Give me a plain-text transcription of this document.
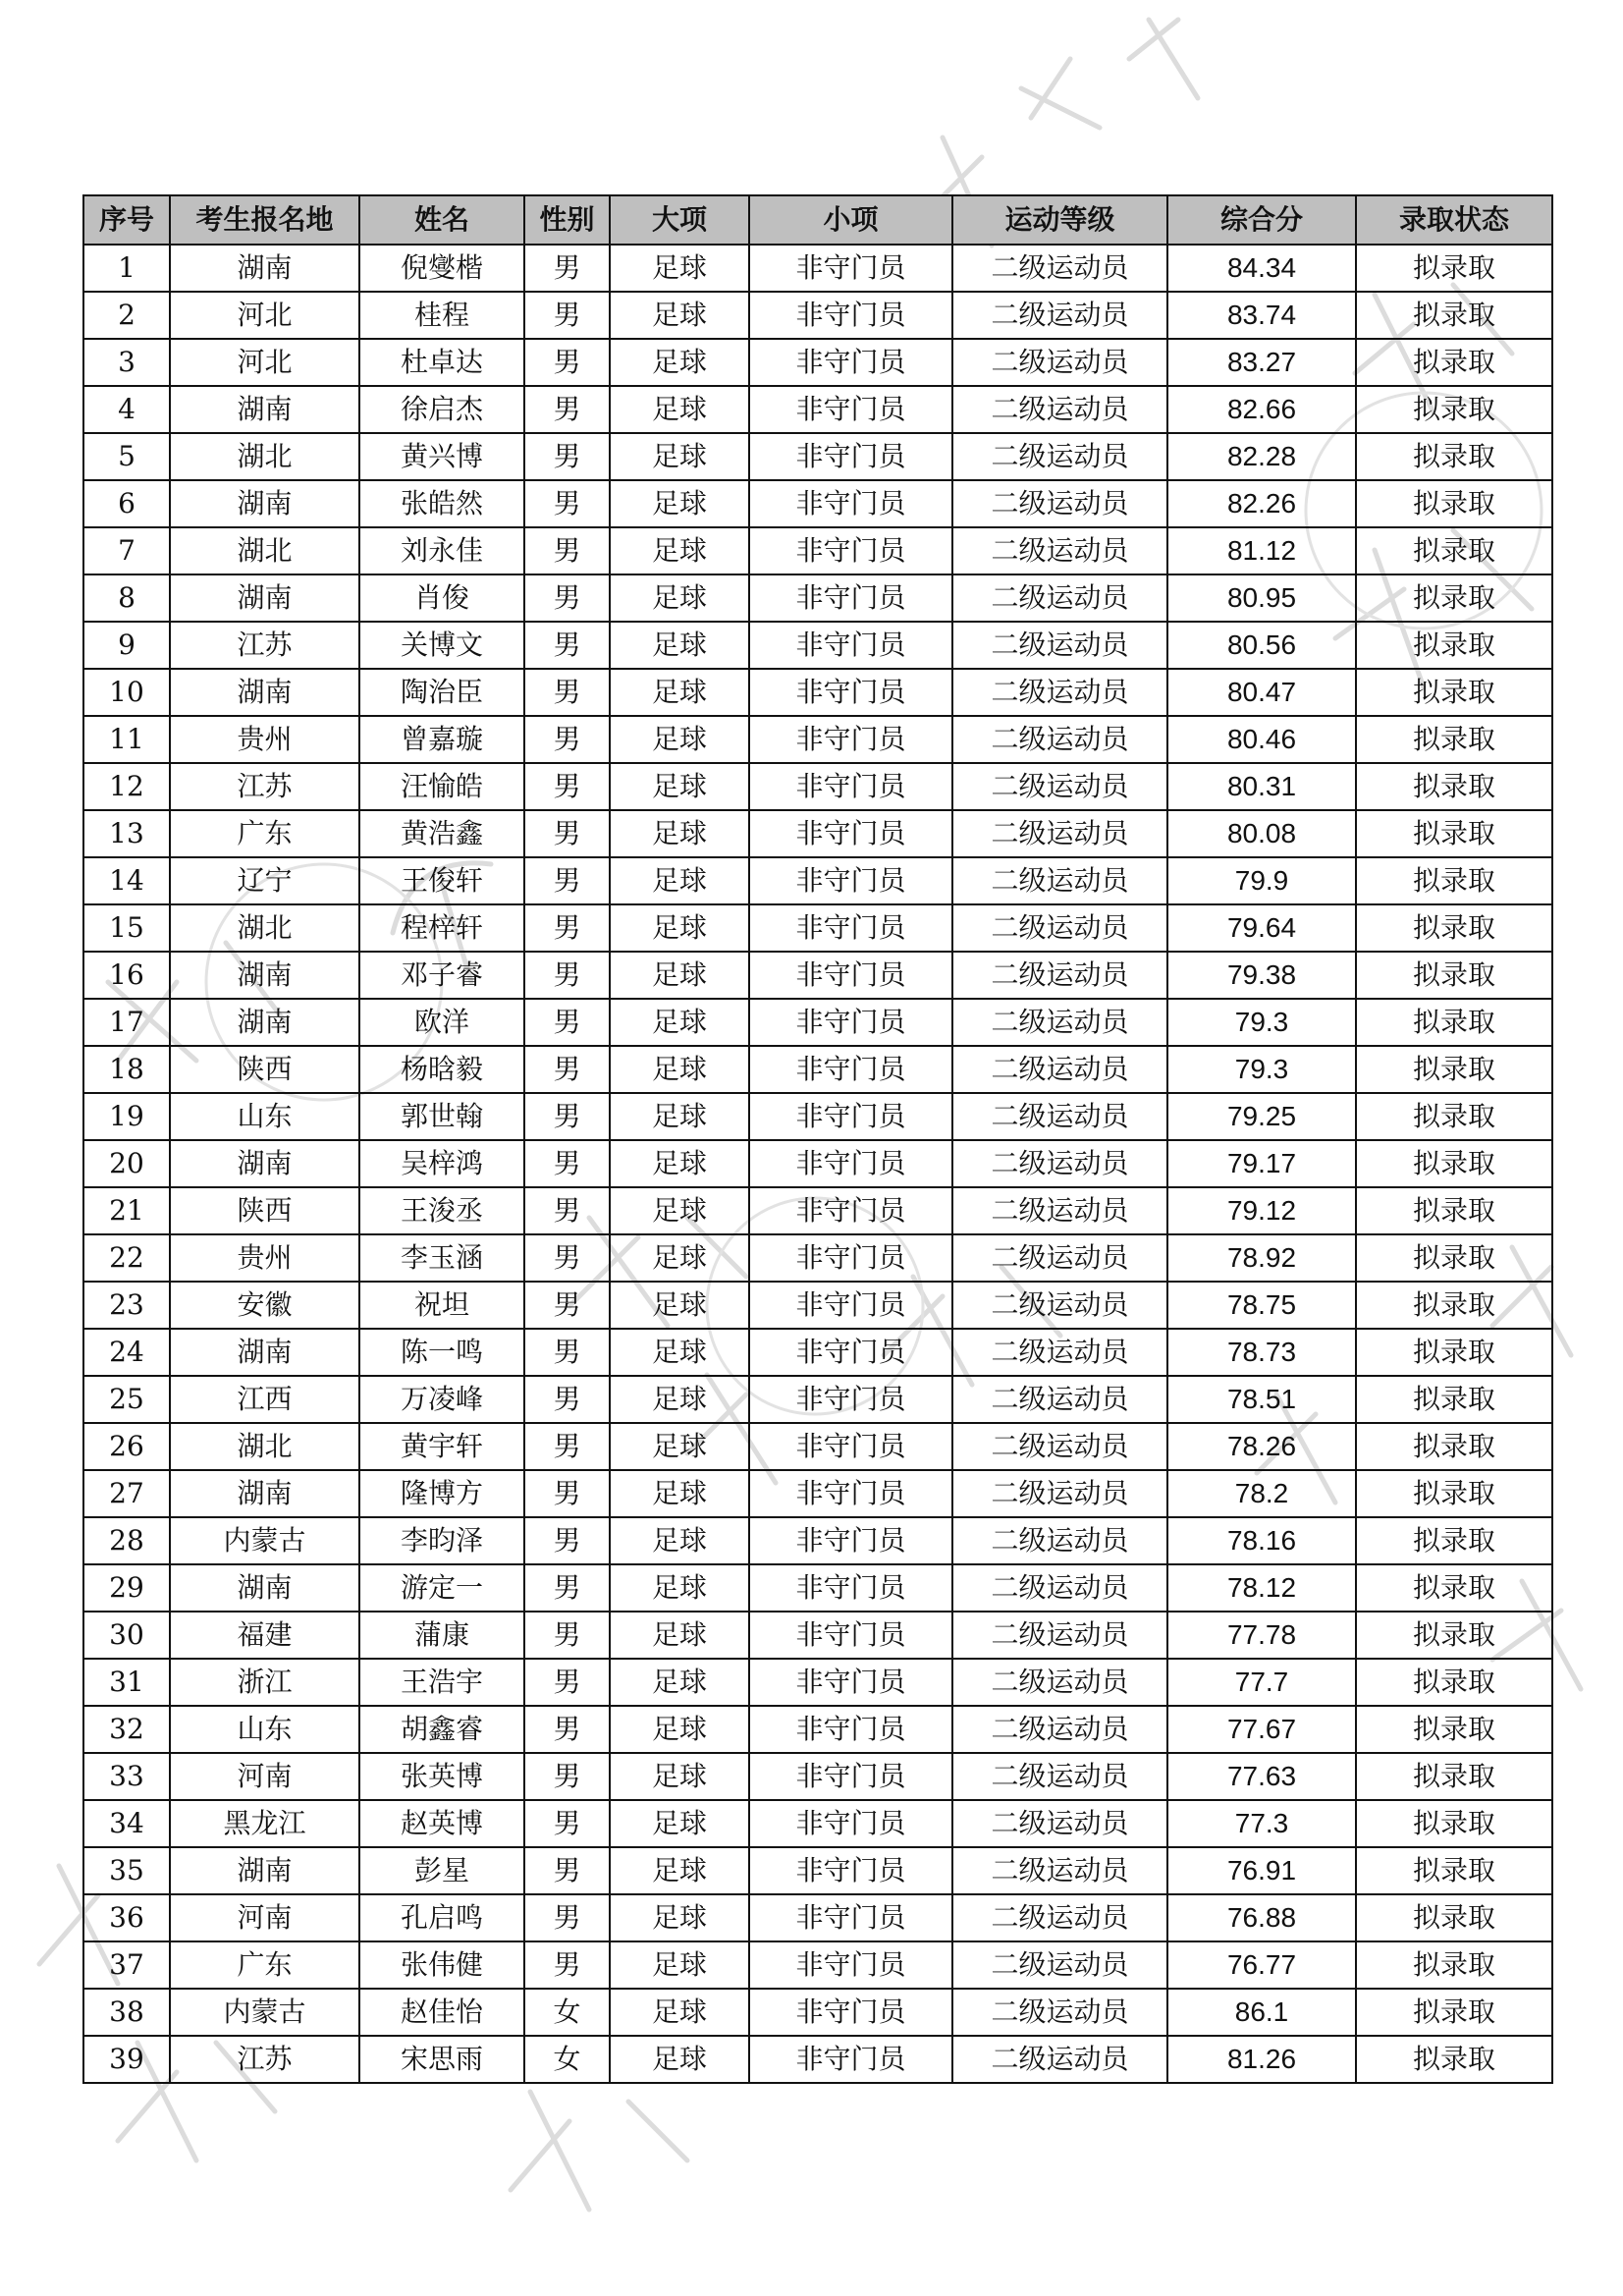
序号	考生报名地	姓名	性别	大项	小项	运动等级	综合分	录取状态
1	湖南	倪燮楷	男	足球	非守门员	二级运动员	84.34	拟录取
2	河北	桂程	男	足球	非守门员	二级运动员	83.74	拟录取
3	河北	杜卓达	男	足球	非守门员	二级运动员	83.27	拟录取
4	湖南	徐启杰	男	足球	非守门员	二级运动员	82.66	拟录取
5	湖北	黄兴博	男	足球	非守门员	二级运动员	82.28	拟录取
6	湖南	张皓然	男	足球	非守门员	二级运动员	82.26	拟录取
7	湖北	刘永佳	男	足球	非守门员	二级运动员	81.12	拟录取
8	湖南	肖俊	男	足球	非守门员	二级运动员	80.95	拟录取
9	江苏	关博文	男	足球	非守门员	二级运动员	80.56	拟录取
10	湖南	陶治臣	男	足球	非守门员	二级运动员	80.47	拟录取
11	贵州	曾嘉璇	男	足球	非守门员	二级运动员	80.46	拟录取
12	江苏	汪愉皓	男	足球	非守门员	二级运动员	80.31	拟录取
13	广东	黄浩鑫	男	足球	非守门员	二级运动员	80.08	拟录取
14	辽宁	王俊轩	男	足球	非守门员	二级运动员	79.9	拟录取
15	湖北	程梓轩	男	足球	非守门员	二级运动员	79.64	拟录取
16	湖南	邓子睿	男	足球	非守门员	二级运动员	79.38	拟录取
17	湖南	欧洋	男	足球	非守门员	二级运动员	79.3	拟录取
18	陕西	杨晗毅	男	足球	非守门员	二级运动员	79.3	拟录取
19	山东	郭世翰	男	足球	非守门员	二级运动员	79.25	拟录取
20	湖南	吴梓鸿	男	足球	非守门员	二级运动员	79.17	拟录取
21	陕西	王浚丞	男	足球	非守门员	二级运动员	79.12	拟录取
22	贵州	李玉涵	男	足球	非守门员	二级运动员	78.92	拟录取
23	安徽	祝坦	男	足球	非守门员	二级运动员	78.75	拟录取
24	湖南	陈一鸣	男	足球	非守门员	二级运动员	78.73	拟录取
25	江西	万凌峰	男	足球	非守门员	二级运动员	78.51	拟录取
26	湖北	黄宇轩	男	足球	非守门员	二级运动员	78.26	拟录取
27	湖南	隆博方	男	足球	非守门员	二级运动员	78.2	拟录取
28	内蒙古	李昀泽	男	足球	非守门员	二级运动员	78.16	拟录取
29	湖南	游定一	男	足球	非守门员	二级运动员	78.12	拟录取
30	福建	蒲康	男	足球	非守门员	二级运动员	77.78	拟录取
31	浙江	王浩宇	男	足球	非守门员	二级运动员	77.7	拟录取
32	山东	胡鑫睿	男	足球	非守门员	二级运动员	77.67	拟录取
33	河南	张英博	男	足球	非守门员	二级运动员	77.63	拟录取
34	黑龙江	赵英博	男	足球	非守门员	二级运动员	77.3	拟录取
35	湖南	彭星	男	足球	非守门员	二级运动员	76.91	拟录取
36	河南	孔启鸣	男	足球	非守门员	二级运动员	76.88	拟录取
37	广东	张伟健	男	足球	非守门员	二级运动员	76.77	拟录取
38	内蒙古	赵佳怡	女	足球	非守门员	二级运动员	86.1	拟录取
39	江苏	宋思雨	女	足球	非守门员	二级运动员	81.26	拟录取
